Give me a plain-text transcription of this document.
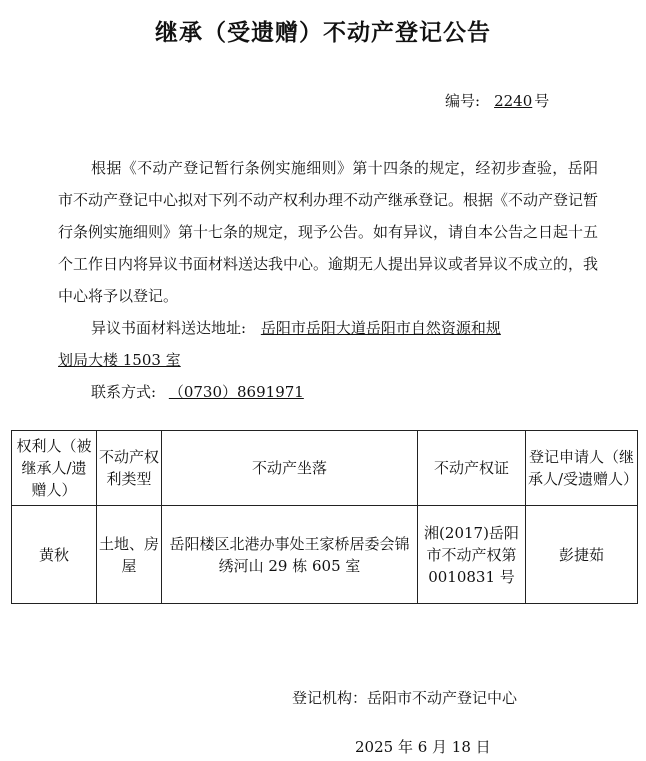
继承（受遗赠）不动产登记公告
编号: 2240 号

根据《不动产登记暂行条例实施细则》第十四条的规定，经初步查验，岳阳市不动产登记中心拟对下列不动产权利办理不动产继承登记。根据《不动产登记暂行条例实施细则》第十七条的规定，现予公告。如有异议，请自本公告之日起十五个工作日内将异议书面材料送达我中心。逾期无人提出异议或者异议不成立的，我中心将予以登记。

异议书面材料送达地址: 岳阳市岳阳大道岳阳市自然资源和规
划局大楼 1503 室
联系方式: （0730）8691971
权利人（被继承人/遗赠人）	不动产权利类型	不动产坐落	不动产权证	登记申请人（继承人/受遗赠人）
黄秋	土地、房屋	岳阳楼区北港办事处王家桥居委会锦绣河山 29 栋 605 室	湘(2017)岳阳市不动产权第 0010831 号	彭捷茹
登记机构：岳阳市不动产登记中心
2025 年 6 月 18 日
